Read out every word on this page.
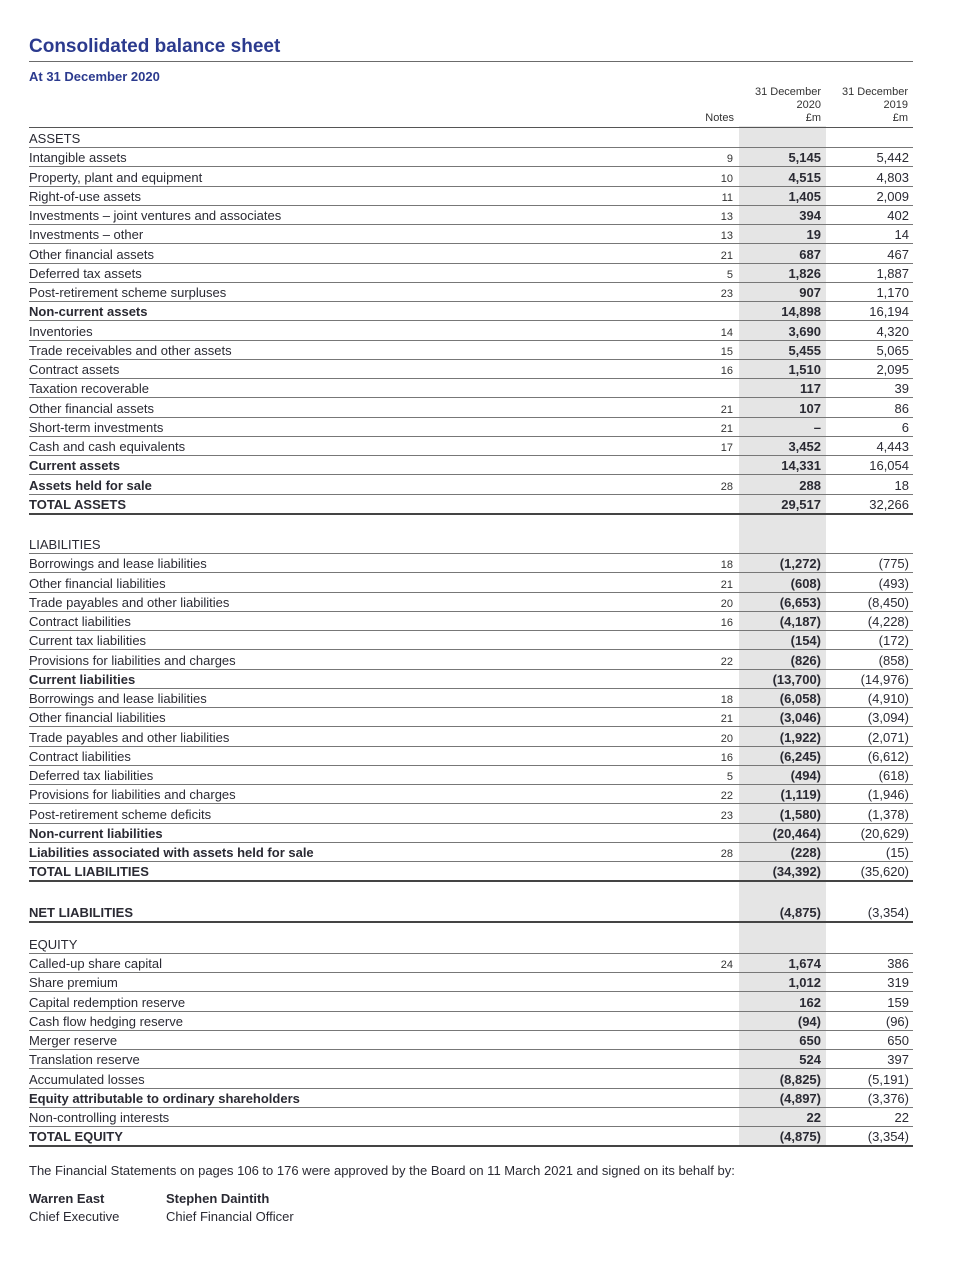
Consolidated balance sheet
At 31 December 2020
Notes
31 December
2020
£m
31 December
2019
£m
ASSETS
Intangible assets	9	5,145	5,442
Property, plant and equipment	10	4,515	4,803
Right-of-use assets	11	1,405	2,009
Investments – joint ventures and associates	13	394	402
Investments – other	13	19	14
Other financial assets	21	687	467
Deferred tax assets	5	1,826	1,887
Post-retirement scheme surpluses	23	907	1,170
Non-current assets	14,898	16,194
Inventories	14	3,690	4,320
Trade receivables and other assets	15	5,455	5,065
Contract assets	16	1,510	2,095
Taxation recoverable	117	39
Other financial assets	21	107	86
Short-term investments	21	–	6
Cash and cash equivalents	17	3,452	4,443
Current assets	14,331	16,054
Assets held for sale	28	288	18
TOTAL ASSETS	29,517	32,266
LIABILITIES
Borrowings and lease liabilities	18	(1,272)	(775)
Other financial liabilities	21	(608)	(493)
Trade payables and other liabilities	20	(6,653)	(8,450)
Contract liabilities	16	(4,187)	(4,228)
Current tax liabilities	(154)	(172)
Provisions for liabilities and charges	22	(826)	(858)
Current liabilities	(13,700)	(14,976)
Borrowings and lease liabilities	18	(6,058)	(4,910)
Other financial liabilities	21	(3,046)	(3,094)
Trade payables and other liabilities	20	(1,922)	(2,071)
Contract liabilities	16	(6,245)	(6,612)
Deferred tax liabilities	5	(494)	(618)
Provisions for liabilities and charges	22	(1,119)	(1,946)
Post-retirement scheme deficits	23	(1,580)	(1,378)
Non-current liabilities	(20,464)	(20,629)
Liabilities associated with assets held for sale	28	(228)	(15)
TOTAL LIABILITIES	(34,392)	(35,620)
NET LIABILITIES	(4,875)	(3,354)
EQUITY
Called-up share capital	24	1,674	386
Share premium	1,012	319
Capital redemption reserve	162	159
Cash flow hedging reserve	(94)	(96)
Merger reserve	650	650
Translation reserve	524	397
Accumulated losses	(8,825)	(5,191)
Equity attributable to ordinary shareholders	(4,897)	(3,376)
Non-controlling interests	22	22
TOTAL EQUITY	(4,875)	(3,354)
The Financial Statements on pages 106 to 176 were approved by the Board on 11 March 2021 and signed on its behalf by:
Warren East
Chief Executive
Stephen Daintith
Chief Financial Officer
